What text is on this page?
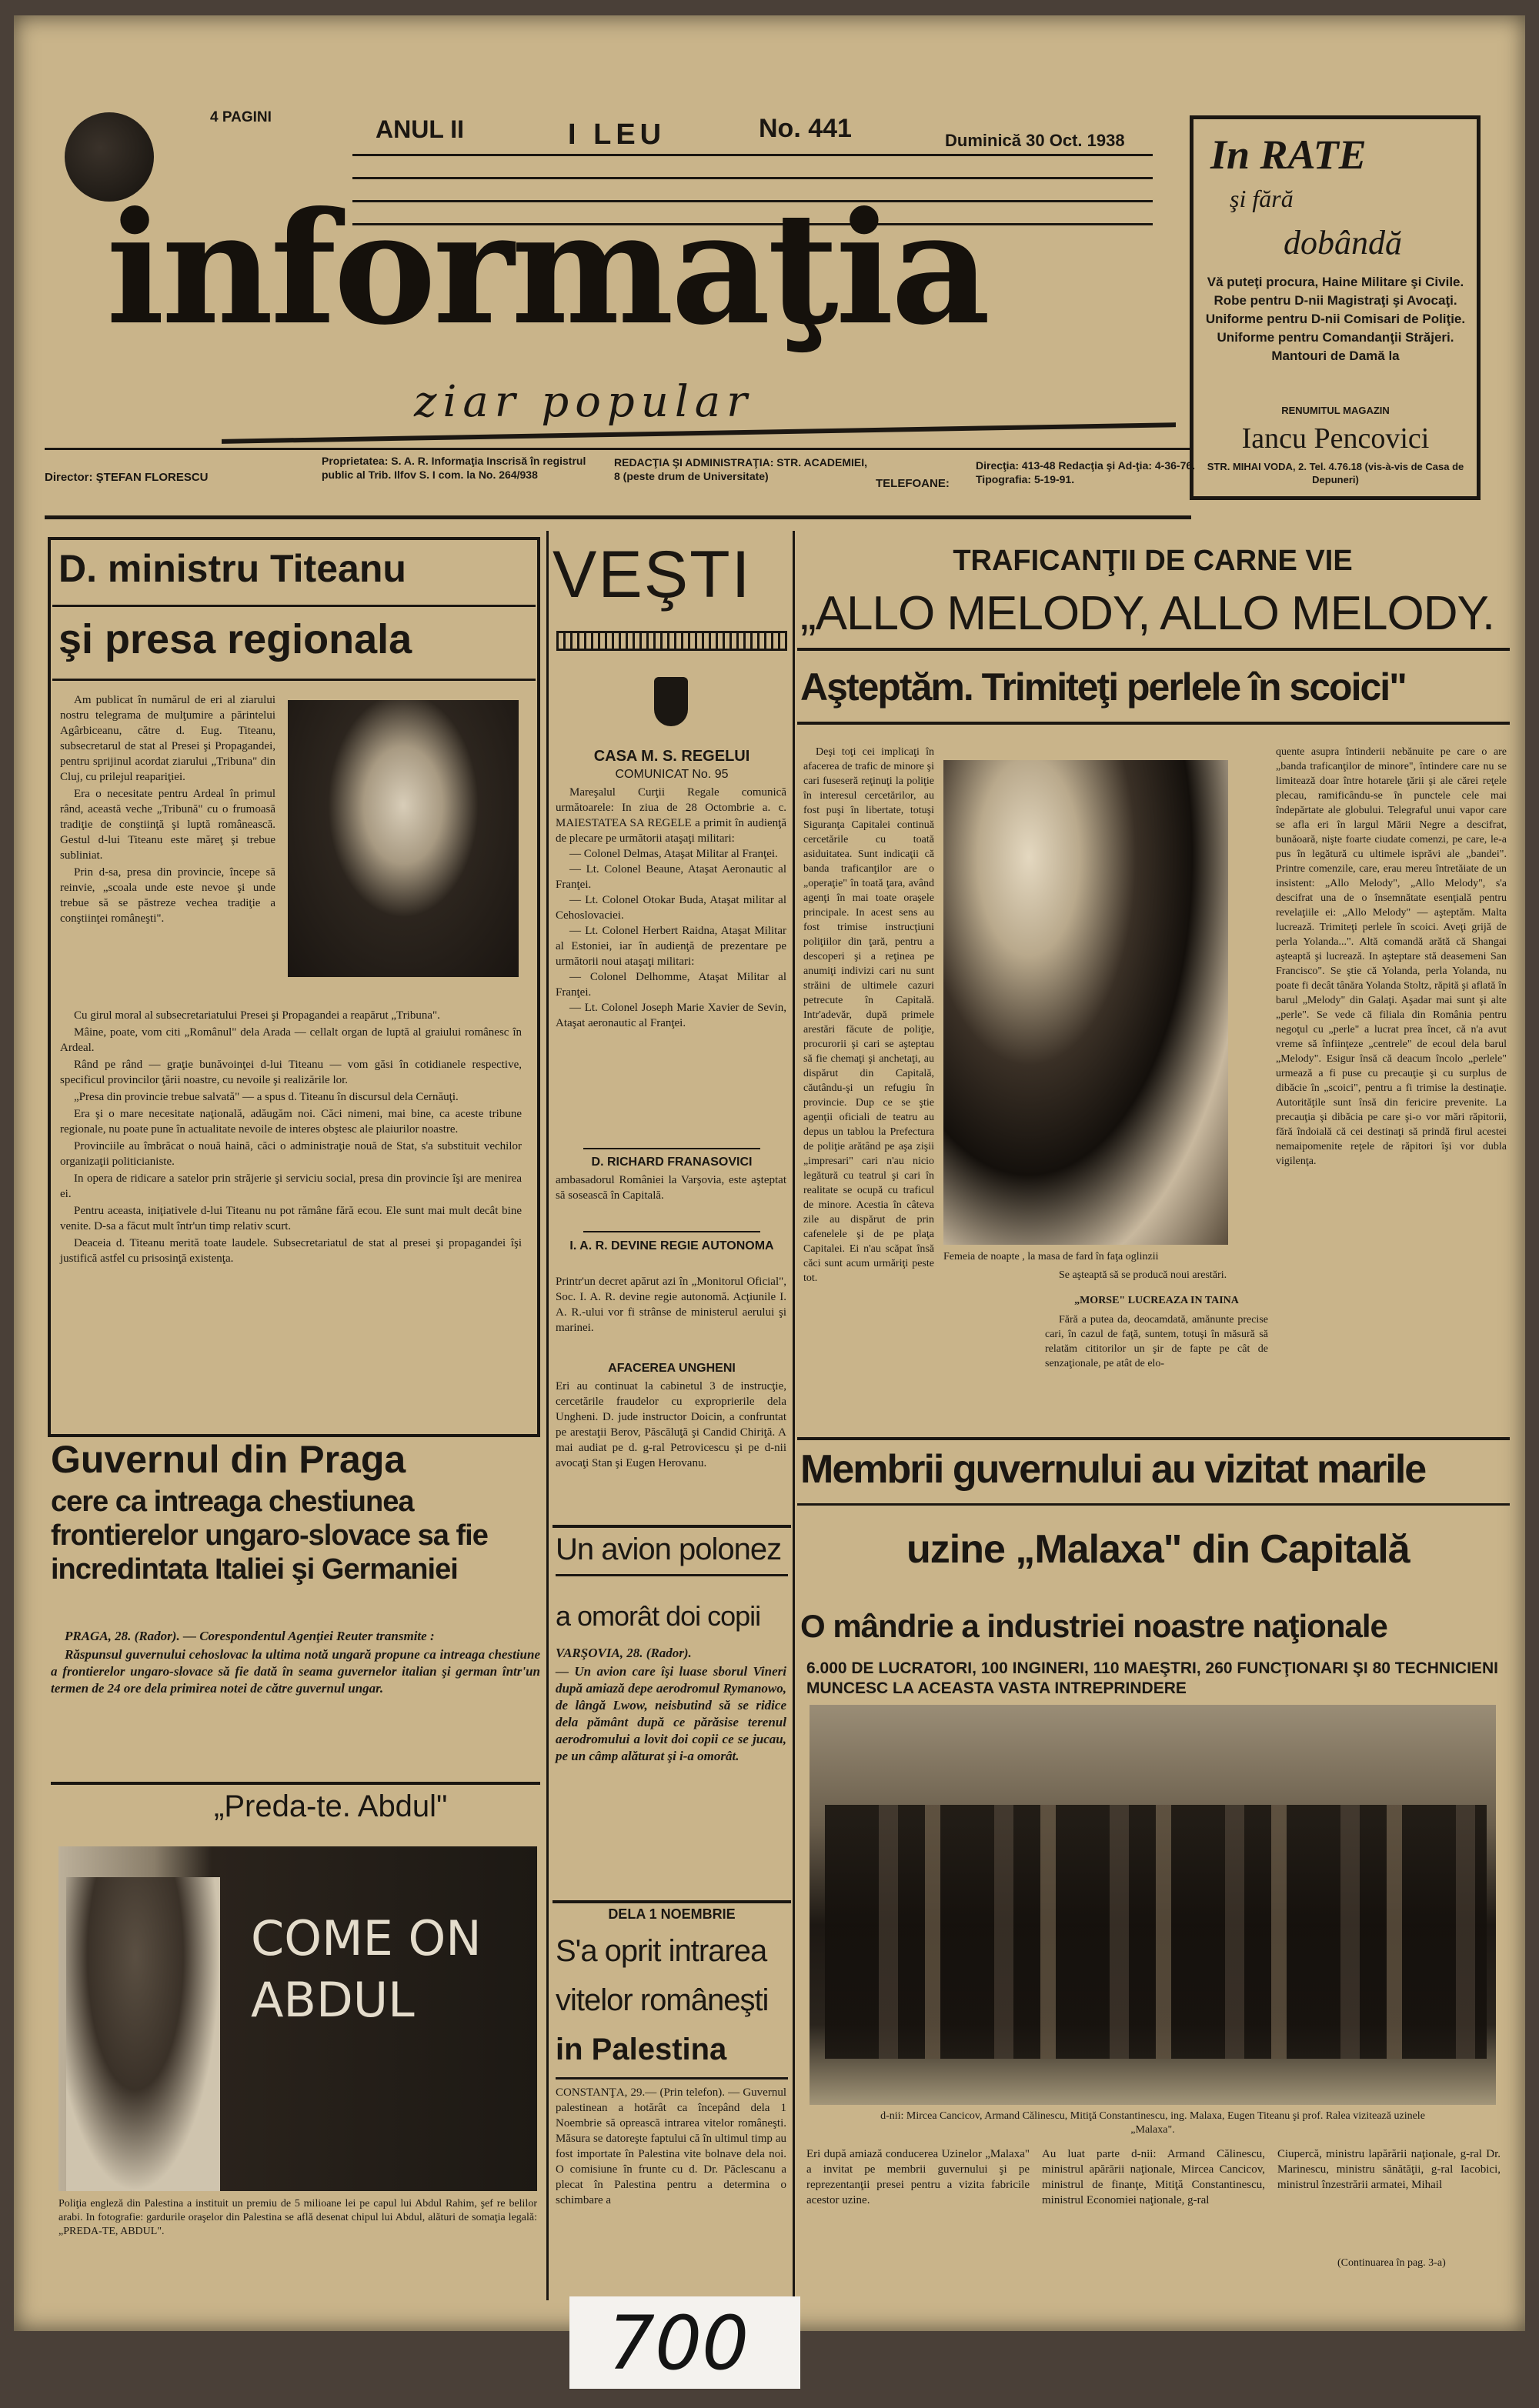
4 PAGINI	ANUL II	I LEU	No. 441	Duminică 30 Oct. 1938
informaţia
ziar popular
Director: ŞTEFAN FLORESCU
Proprietatea: S. A. R. Informaţia Inscrisă în registrul public al Trib. Ilfov S. I com. la No. 264/938
REDACŢIA ŞI ADMINISTRAŢIA: STR. ACADEMIEI, 8 (peste drum de Universitate)
TELEFOANE:
Direcţia: 413-48 Redacţia şi Ad-ţia: 4-36-76. Tipografia: 5-19-91.
In RATE
şi fără
dobândă
Vă puteţi procura, Haine Militare şi Civile. Robe pentru D-nii Magistraţi şi Avocaţi. Uniforme pentru D-nii Comisari de Poliţie. Uniforme pentru Comandanţii Străjeri. Mantouri de Damă la
RENUMITUL MAGAZIN
Iancu Pencovici
STR. MIHAI VODA, 2. Tel. 4.76.18 (vis-à-vis de Casa de Depuneri)
D. ministru Titeanu
şi presa regionala

Am publicat în numărul de eri al ziarului nostru telegrama de mulţumire a părintelui Agârbiceanu, către d. Eug. Titeanu, subsecretarul de stat al Presei şi Propagandei, pentru sprijinul acordat ziarului „Tribuna" din Cluj, cu prilejul reapariţiei.

Era o necesitate pentru Ardeal în primul rând, această veche „Tribună" cu o frumoasă tradiţie de conştiinţă şi luptă românească. Gestul d-lui Titeanu este măreţ şi trebue subliniat.

Prin d-sa, presa din provincie, începe să reinvie, „scoala unde este nevoe şi unde trebue să se păstreze vechea tradiţie a conştiinţei româneşti".

Cu girul moral al subsecretariatului Presei şi Propagandei a reapărut „Tribuna".

Mâine, poate, vom citi „Românul" dela Arada — cellalt organ de luptă al graiului românesc în Ardeal.

Rând pe rând — graţie bunăvoinţei d-lui Titeanu — vom găsi în cotidianele respective, specificul provincilor ţării noastre, cu nevoile şi realizările lor.

„Presa din provincie trebue salvată" — a spus d. Titeanu în discursul dela Cernăuţi.

Era şi o mare necesitate naţională, adăugăm noi. Căci nimeni, mai bine, ca aceste tribune regionale, nu poate pune în actualitate nevoile de interes obştesc ale plaiurilor noastre.

Provinciile au îmbrăcat o nouă haină, căci o administraţie nouă de Stat, s'a substituit vechilor organizaţii politicianiste.

In opera de ridicare a satelor prin străjerie şi serviciu social, presa din provincie îşi are menirea ei.

Pentru aceasta, iniţiativele d-lui Titeanu nu pot rămâne fără ecou. Ele sunt mai mult decât bine venite. D-sa a făcut mult într'un timp relativ scurt.

Deaceia d. Titeanu merită toate laudele. Subsecretariatul de stat al presei şi propagandei îşi justifică astfel cu prisosinţă existenţa.

Guvernul din Praga
cere ca intreaga chestiunea frontierelor ungaro-slovace sa fie incredintata Italiei şi Germaniei

PRAGA, 28. (Rador). — Corespondentul Agenţiei Reuter transmite :

Răspunsul guvernului cehoslovac la ultima notă ungară propune ca intreaga chestiune a frontierelor ungaro-slovace să fie dată în seama guvernelor italian şi german într'un termen de 24 ore dela primirea notei de către guvernul ungar.

„Preda-te. Abdul"
COME ON ABDUL
Poliţia engleză din Palestina a instituit un premiu de 5 milioane lei pe capul lui Abdul Rahim, şef re belilor arabi. In fotografie: gardurile oraşelor din Palestina se află desenat chipul lui Abdul, alături de somaţia legală: „PREDA-TE, ABDUL".
VEŞTI
CASA M. S. REGELUI
COMUNICAT No. 95

Mareşalul Curţii Regale comunică următoarele: In ziua de 28 Octombrie a. c. MAIESTATEA SA REGELE a primit în audienţă de plecare pe următorii ataşaţi militari:

— Colonel Delmas, Ataşat Militar al Franţei.

— Lt. Colonel Beaune, Ataşat Aeronautic al Franţei.

— Lt. Colonel Otokar Buda, Ataşat militar al Cehoslovaciei.

— Lt. Colonel Herbert Raidna, Ataşat Militar al Estoniei, iar în audienţă de prezentare pe următorii noui ataşaţi militari:

— Colonel Delhomme, Ataşat Militar al Franţei.

— Lt. Colonel Joseph Marie Xavier de Sevin, Ataşat aeronautic al Franţei.

D. RICHARD FRANASOVICI
ambasadorul României la Varşovia, este aşteptat să sosească în Capitală.
I. A. R. DEVINE REGIE AUTONOMA
Printr'un decret apărut azi în „Monitorul Oficial", Soc. I. A. R. devine regie autonomă. Acţiunile I. A. R.-ului vor fi strânse de ministerul aerului şi marinei.
AFACEREA UNGHENI
Eri au continuat la cabinetul 3 de instrucţie, cercetările fraudelor cu exproprierile dela Ungheni. D. jude instructor Doicin, a confruntat pe arestaţii Berov, Păscăluţă şi Candid Chiriţă. A mai audiat pe d. g-ral Petrovicescu şi pe d-nii avocaţi Stan şi Eugen Herovanu.
Un avion polonez
a omorât doi copii

VARŞOVIA, 28. (Rador).

— Un avion care îşi luase sborul Vineri după amiază depe aerodromul Rymanowo, de lângă Lwow, neisbutind să se ridice dela pământ după ce părăsise terenul aerodromului a lovit doi copii ce se jucau, pe un câmp alăturat şi i-a omorât.

DELA 1 NOEMBRIE
S'a oprit intrarea
vitelor româneşti
in Palestina
CONSTANŢA, 29.— (Prin telefon). — Guvernul palestinean a hotărât ca începând dela 1 Noembrie să oprească intrarea vitelor româneşti. Măsura se datoreşte faptului că în ultimul timp au fost importate în Palestina vite bolnave dela noi. O comisiune în frunte cu d. Dr. Păclescanu a plecat în Palestina pentru a determina o schimbare a
TRAFICANŢII DE CARNE VIE
„ALLO MELODY, ALLO MELODY.
Aşteptăm. Trimiteţi perlele în scoici"
Deşi toţi cei implicaţi în afacerea de trafic de minore şi cari fuseseră reţinuţi la poliţie în interesul cercetărilor, au fost puşi în libertate, totuşi Siguranţa Capitalei continuă cercetările cu toată asiduitatea. Sunt indicaţii că banda traficanţilor are o „operaţie" în toată ţara, având agenţi în mai toate oraşele principale. In acest sens au fost trimise instrucţiuni poliţiilor din ţară, pentru a descoperi şi a reţinea pe anumiţi indivizi cari nu sunt străini de ultimele cazuri petrecute în Capitală. Intr'adevăr, după primele arestări făcute de poliţie, procurorii şi cari se aşteptau să fie chemaţi şi anchetaţi, au dispărut din Capitală, căutându-şi un refugiu în provincie. Dup ce se ştie agenţii oficiali de teatru au depus un tablou la Prefectura de poliţie arătând pe aşa zişii „impresari" cari n'au nicio legătură cu teatrul şi cari în realitate se ocupă cu traficul de minore. Acestia în câteva zile au dispărut de prin cafenelele şi de pe plaţa Capitalei. Ei n'au scăpat însă căci sunt acum urmăriţi peste tot.
Femeia de noapte , la masa de fard în faţa oglinzii

Se aşteaptă să se producă noui arestări.

„MORSE" LUCREAZA IN TAINA

Fără a putea da, deocamdată, amănunte precise cari, în cazul de faţă, suntem, totuşi în măsură să relatăm cititorilor un şir de fapte pe cât de senzaţionale, pe atât de elo-

quente asupra întinderii nebănuite pe care o are „banda traficanţilor de minore", întindere care nu se limitează doar între hotarele ţării şi ale cărei reţele plecau, ramificându-se în punctele cele mai îndepărtate ale globului. Telegraful unui vapor care se afla eri în largul Mării Negre a descifrat, bunăoară, nişte foarte ciudate comenzi, pe care, le-a pus în legătură cu ultimele isprăvi ale „bandei". Printre comenzile, care, erau mereu întretăiate de un insistent: „Allo Melody", „Allo Melody", s'a descifrat una de o însemnătate esenţială pentru revelaţiile ei: „Allo Melody" — aşteptăm. Malta lucrează. Trimiteţi perlele în scoici. Aveţi grijă de perla Yolanda...". Altă comandă arătă că Shangai aşteaptă şi lucrează. In aşteptare stă deasemeni San Francisco". Se ştie că Yolanda, perla Yolanda, nu poate fi decât tânăra Yolanda Stoltz, răpită şi aflată în barul „Melody" din Galaţi. Aşadar mai sunt şi alte „perle". Se vede că filiala din România pentru negoţul cu „perle" a lucrat prea încet, că n'a avut vreme să înfiinţeze „centrele" de ecoul dela barul „Melody". Esigur însă că deacum încolo „perlele" urmează a fi puse cu precauţie şi cu surplus de dibăcie în „scoici", pentru a fi trimise la destinaţie. Autorităţile sunt însă din fericire prevenite. La precauţia şi dibăcia pe care şi-o vor mări răpitorii, fără îndoială că cei destinaţi să prindă firul acestei nemaipomenite reţele de răpitori îşi vor dubla vigilenţa.
Membrii guvernului au vizitat marile
uzine „Malaxa" din Capitală
O mândrie a industriei noastre naţionale
6.000 DE LUCRATORI, 100 INGINERI, 110 MAEŞTRI, 260 FUNCŢIONARI ŞI 80 TECHNICIENI MUNCESC LA ACEASTA VASTA INTREPRINDERE
d-nii: Mircea Cancicov, Armand Călinescu, Mitiţă Constantinescu, ing. Malaxa, Eugen Titeanu şi prof. Ralea vizitează uzinele „Malaxa".
Eri după amiază conducerea Uzinelor „Malaxa" a invitat pe membrii guvernului şi pe reprezentanţii presei pentru a vizita fabricile acestor uzine.
Au luat parte d-nii: Armand Călinescu, ministrul apărării naţionale, Mircea Cancicov, ministrul de finanţe, Mitiţă Constantinescu, ministrul Economiei naţionale, g-ral
Ciupercă, ministru lapărării naţionale, g-ral Dr. Marinescu, ministru sănătăţii, g-ral Iacobici, ministrul înzestrării armatei, Mihail
(Continuarea în pag. 3-a)
700
